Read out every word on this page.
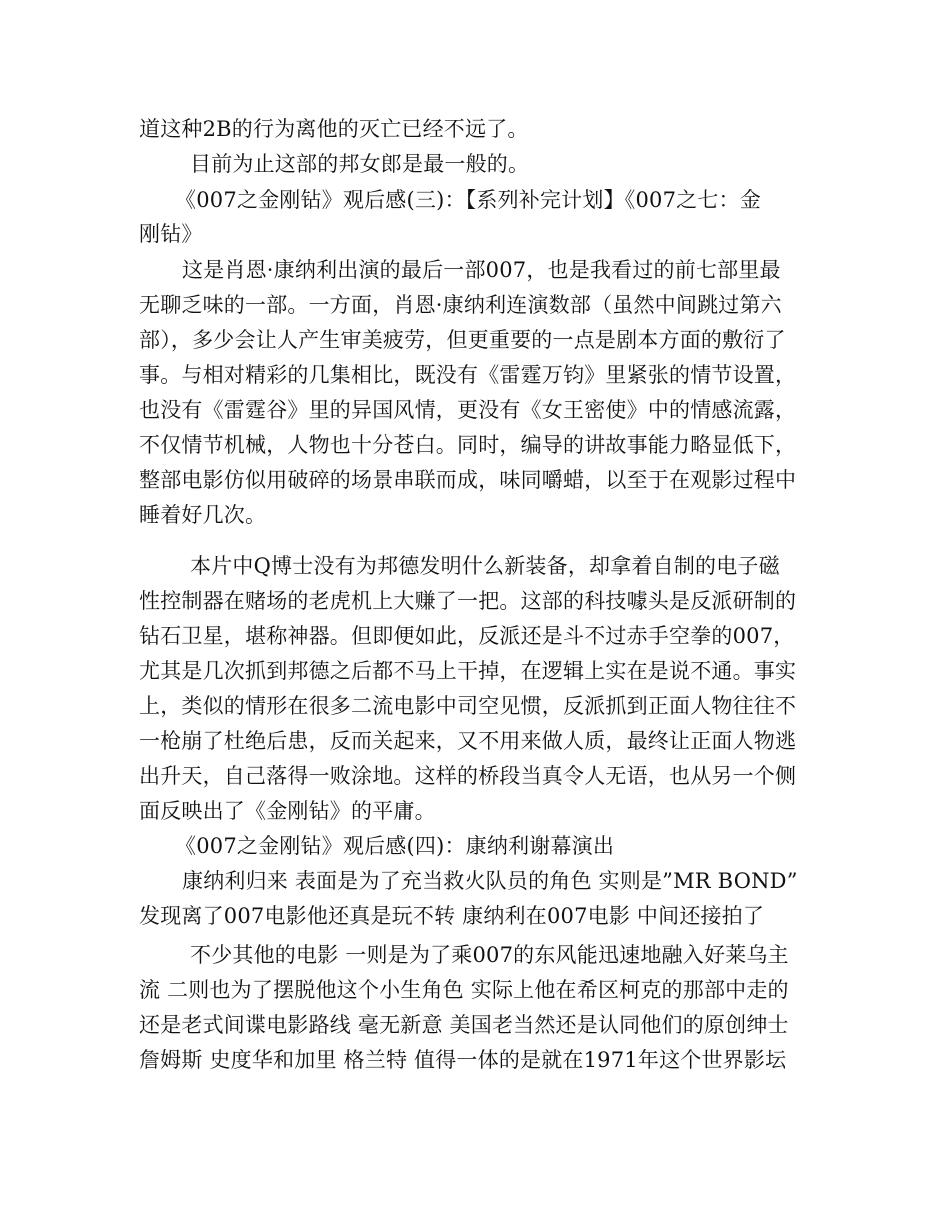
道这种2B的行为离他的灭亡已经不远了。
目前为止这部的邦女郎是最一般的。
《007之金刚钻》观后感(三)：【系列补完计划】《007之七：金
刚钻》
这是肖恩·康纳利出演的最后一部007，也是我看过的前七部里最
无聊乏味的一部。一方面，肖恩·康纳利连演数部（虽然中间跳过第六
部），多少会让人产生审美疲劳，但更重要的一点是剧本方面的敷衍了
事。与相对精彩的几集相比，既没有《雷霆万钧》里紧张的情节设置，
也没有《雷霆谷》里的异国风情，更没有《女王密使》中的情感流露，
不仅情节机械，人物也十分苍白。同时，编导的讲故事能力略显低下，
整部电影仿似用破碎的场景串联而成，味同嚼蜡，以至于在观影过程中
睡着好几次。
本片中Q博士没有为邦德发明什么新装备，却拿着自制的电子磁
性控制器在赌场的老虎机上大赚了一把。这部的科技噱头是反派研制的
钻石卫星，堪称神器。但即便如此，反派还是斗不过赤手空拳的007，
尤其是几次抓到邦德之后都不马上干掉，在逻辑上实在是说不通。事实
上，类似的情形在很多二流电影中司空见惯，反派抓到正面人物往往不
一枪崩了杜绝后患，反而关起来，又不用来做人质，最终让正面人物逃
出升天，自己落得一败涂地。这样的桥段当真令人无语，也从另一个侧
面反映出了《金刚钻》的平庸。
《007之金刚钻》观后感(四)：康纳利谢幕演出
康纳利归来 表面是为了充当救火队员的角色 实则是”MR BOND”
发现离了007电影他还真是玩不转 康纳利在007电影 中间还接拍了
不少其他的电影 一则是为了乘007的东风能迅速地融入好莱乌主
流 二则也为了摆脱他这个小生角色 实际上他在希区柯克的那部中走的
还是老式间谍电影路线 毫无新意 美国老当然还是认同他们的原创绅士
詹姆斯 史度华和加里 格兰特 值得一体的是就在1971年这个世界影坛
